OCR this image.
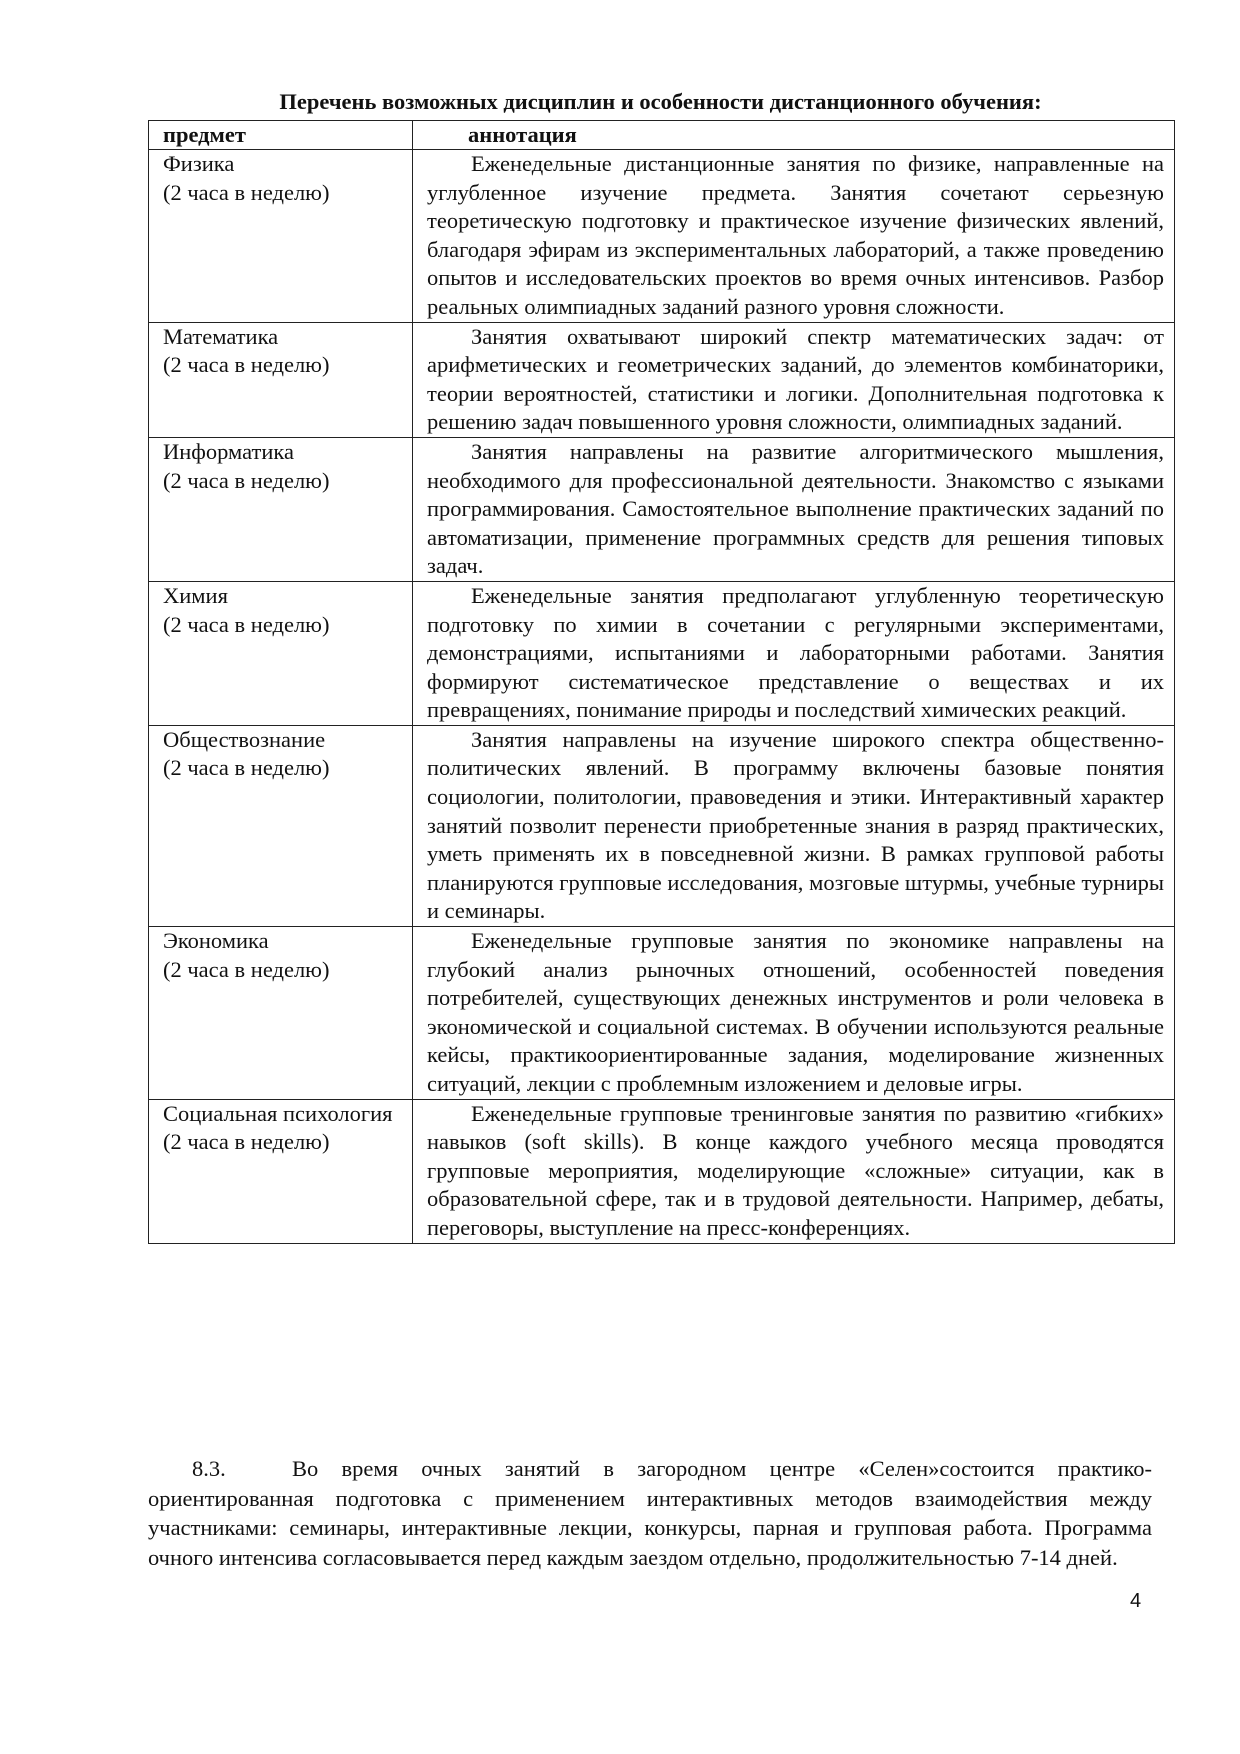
Перечень возможных дисциплин и особенности дистанционного обучения:
предмет	аннотация

Физика
(2 часа в неделю)	Еженедельные дистанционные занятия по физике, направленные на углубленное изучение предмета. Занятия сочетают серьезную теоретическую подготовку и практическое изучение физических явлений, благодаря эфирам из экспериментальных лабораторий, а также проведению опытов и исследовательских проектов во время очных интенсивов. Разбор реальных олимпиадных заданий разного уровня сложности.

Математика
(2 часа в неделю)	Занятия охватывают широкий спектр математических задач: от арифметических и геометрических заданий, до элементов комбинаторики, теории вероятностей, статистики и логики. Дополнительная подготовка к решению задач повышенного уровня сложности, олимпиадных заданий.

Информатика
(2 часа в неделю)	Занятия направлены на развитие алгоритмического мышления, необходимого для профессиональной деятельности. Знакомство с языками программирования. Самостоятельное выполнение практических заданий по автоматизации, применение программных средств для решения типовых задач.

Химия
(2 часа в неделю)	Еженедельные занятия предполагают углубленную теоретическую подготовку по химии в сочетании с регулярными экспериментами, демонстрациями, испытаниями и лабораторными работами. Занятия формируют систематическое представление о веществах и их превращениях, понимание природы и последствий химических реакций.

Обществознание
(2 часа в неделю)	Занятия направлены на изучение широкого спектра общественно-политических явлений. В программу включены базовые понятия социологии, политологии, правоведения и этики. Интерактивный характер занятий позволит перенести приобретенные знания в разряд практических, уметь применять их в повседневной жизни. В рамках групповой работы планируются групповые исследования, мозговые штурмы, учебные турниры и семинары.

Экономика
(2 часа в неделю)	Еженедельные групповые занятия по экономике направлены на глубокий анализ рыночных отношений, особенностей поведения потребителей, существующих денежных инструментов и роли человека в экономической и социальной системах. В обучении используются реальные кейсы, практикоориентированные задания, моделирование жизненных ситуаций, лекции с проблемным изложением и деловые игры.

Социальная психология
(2 часа в неделю)	Еженедельные групповые тренинговые занятия по развитию «гибких» навыков (soft skills). В конце каждого учебного месяца проводятся групповые мероприятия, моделирующие «сложные» ситуации, как в образовательной сфере, так и в трудовой деятельности. Например, дебаты, переговоры, выступление на пресс-конференциях.

8.3.	Во время очных занятий в загородном центре «Селен»состоится практико-ориентированная подготовка с применением интерактивных методов взаимодействия между участниками: семинары, интерактивные лекции, конкурсы, парная и групповая работа. Программа очного интенсива согласовывается перед каждым заездом отдельно, продолжительностью 7-14 дней.
4
